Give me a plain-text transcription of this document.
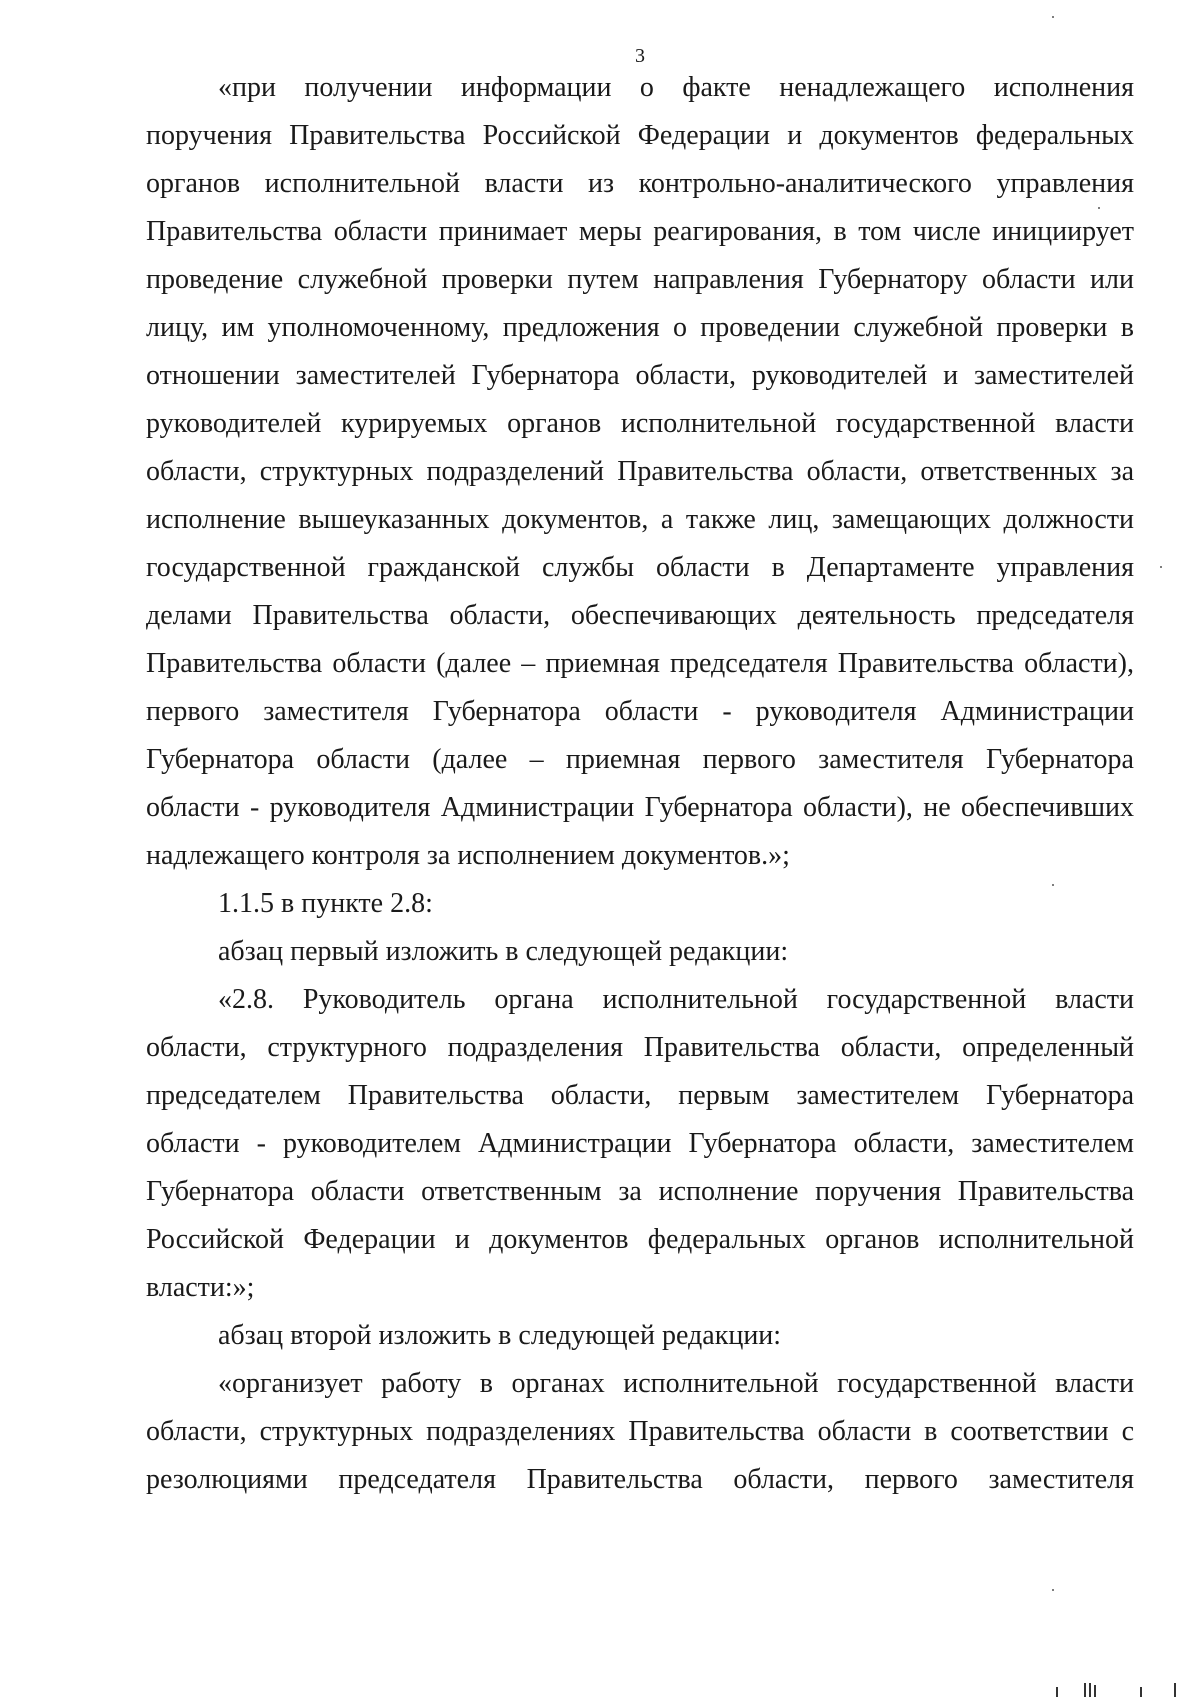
3
«при получении информации о факте ненадлежащего исполнения
поручения Правительства Российской Федерации и документов федеральных
органов исполнительной власти из контрольно-аналитического управления
Правительства области принимает меры реагирования, в том числе инициирует
проведение служебной проверки путем направления Губернатору области или
лицу, им уполномоченному, предложения о проведении служебной проверки в
отношении заместителей Губернатора области, руководителей и заместителей
руководителей курируемых органов исполнительной государственной власти
области, структурных подразделений Правительства области, ответственных за
исполнение вышеуказанных документов, а также лиц, замещающих должности
государственной гражданской службы области в Департаменте управления
делами Правительства области, обеспечивающих деятельность председателя
Правительства области (далее – приемная председателя Правительства области),
первого заместителя Губернатора области - руководителя Администрации
Губернатора области (далее – приемная первого заместителя Губернатора
области - руководителя Администрации Губернатора области), не обеспечивших
надлежащего контроля за исполнением документов.»;
1.1.5 в пункте 2.8:
абзац первый изложить в следующей редакции:
«2.8. Руководитель органа исполнительной государственной власти
области, структурного подразделения Правительства области, определенный
председателем Правительства области, первым заместителем Губернатора
области - руководителем Администрации Губернатора области, заместителем
Губернатора области ответственным за исполнение поручения Правительства
Российской Федерации и документов федеральных органов исполнительной
власти:»;
абзац второй изложить в следующей редакции:
«организует работу в органах исполнительной государственной власти
области, структурных подразделениях Правительства области в соответствии с
резолюциями председателя Правительства области, первого заместителя
